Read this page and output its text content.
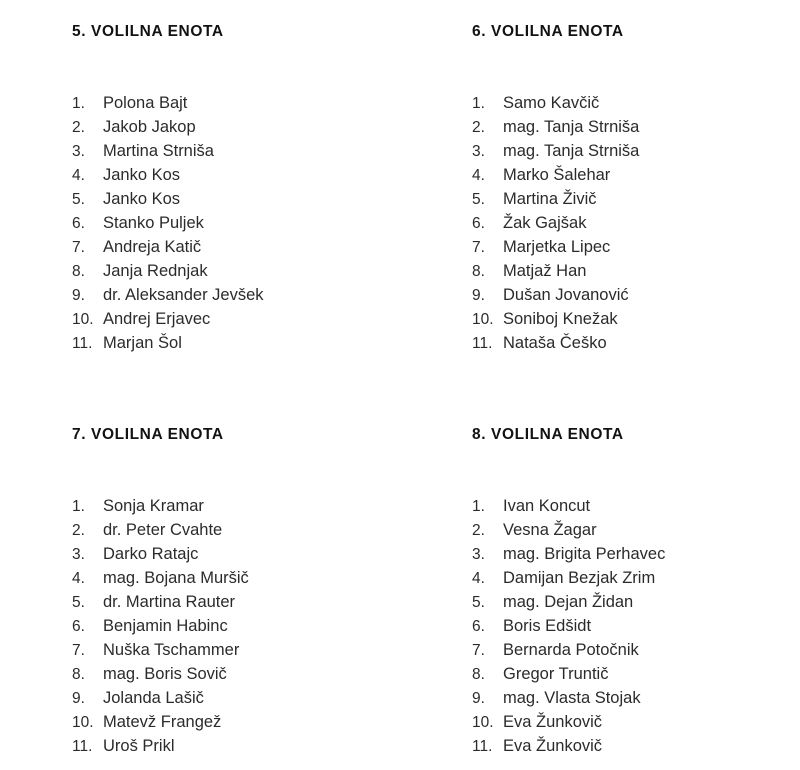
5. VOLILNA ENOTA
1.	Polona Bajt
2.	Jakob Jakop
3.	Martina Strniša
4.	Janko Kos
5.	Janko Kos
6.	Stanko Puljek
7.	Andreja Katič
8.	Janja Rednjak
9.	dr. Aleksander Jevšek
10. Andrej Erjavec
11. Marjan Šol
6. VOLILNA ENOTA
1.	Samo Kavčič
2.	mag. Tanja Strniša
3.	mag. Tanja Strniša
4.	Marko Šalehar
5.	Martina Živič
6.	Žak Gajšak
7.	Marjetka Lipec
8.	Matjaž Han
9.	Dušan Jovanović
10. Soniboj Knežak
11. Nataša Češko
7. VOLILNA ENOTA
1.	Sonja Kramar
2.	dr. Peter Cvahte
3.	Darko Ratajc
4.	mag. Bojana Muršič
5.	dr. Martina Rauter
6.	Benjamin Habinc
7.	Nuška Tschammer
8.	mag. Boris Sovič
9.	Jolanda Lašič
10. Matevž Frangež
11. Uroš Prikl
8. VOLILNA ENOTA
1.	Ivan Koncut
2.	Vesna Žagar
3.	mag. Brigita Perhavec
4.	Damijan Bezjak Zrim
5.	mag. Dejan Židan
6.	Boris Edšidt
7.	Bernarda Potočnik
8.	Gregor Truntič
9.	mag. Vlasta Stojak
10. Eva Žunkovič
11. Eva Žunkovič
